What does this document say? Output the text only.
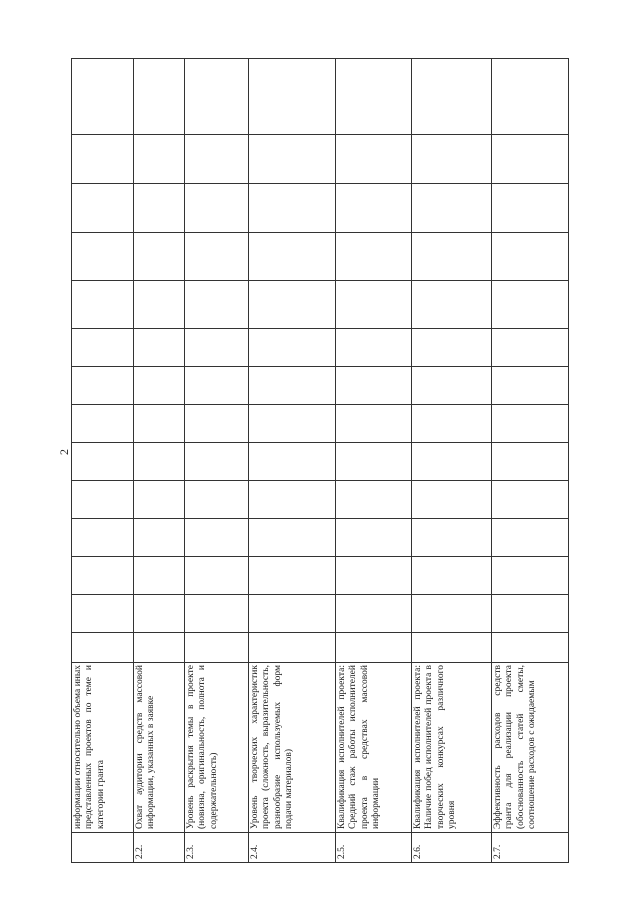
2
информации относительно объема иных представленных проектов по теме и категории гранта
2.2.
Охват аудитории средств массовой информации, указанных в заявке
2.3.
Уровень раскрытия темы в проекте (новизна, оригинальность, полнота и содержательность)
2.4.
Уровень творческих характеристик проекта (сложность, выразительность, разнообразие используемых форм подачи материалов)
2.5.
Квалификация исполнителей проекта: Средний стаж работы исполнителей проекта в средствах массовой информации
2.6.
Квалификация исполнителей проекта: Наличие побед исполнителей проекта в творческих конкурсах различного уровня
2.7.
Эффективность расходов средств гранта для реализации проекта (обоснованность статей сметы, соотношение расходов с ожидаемым
